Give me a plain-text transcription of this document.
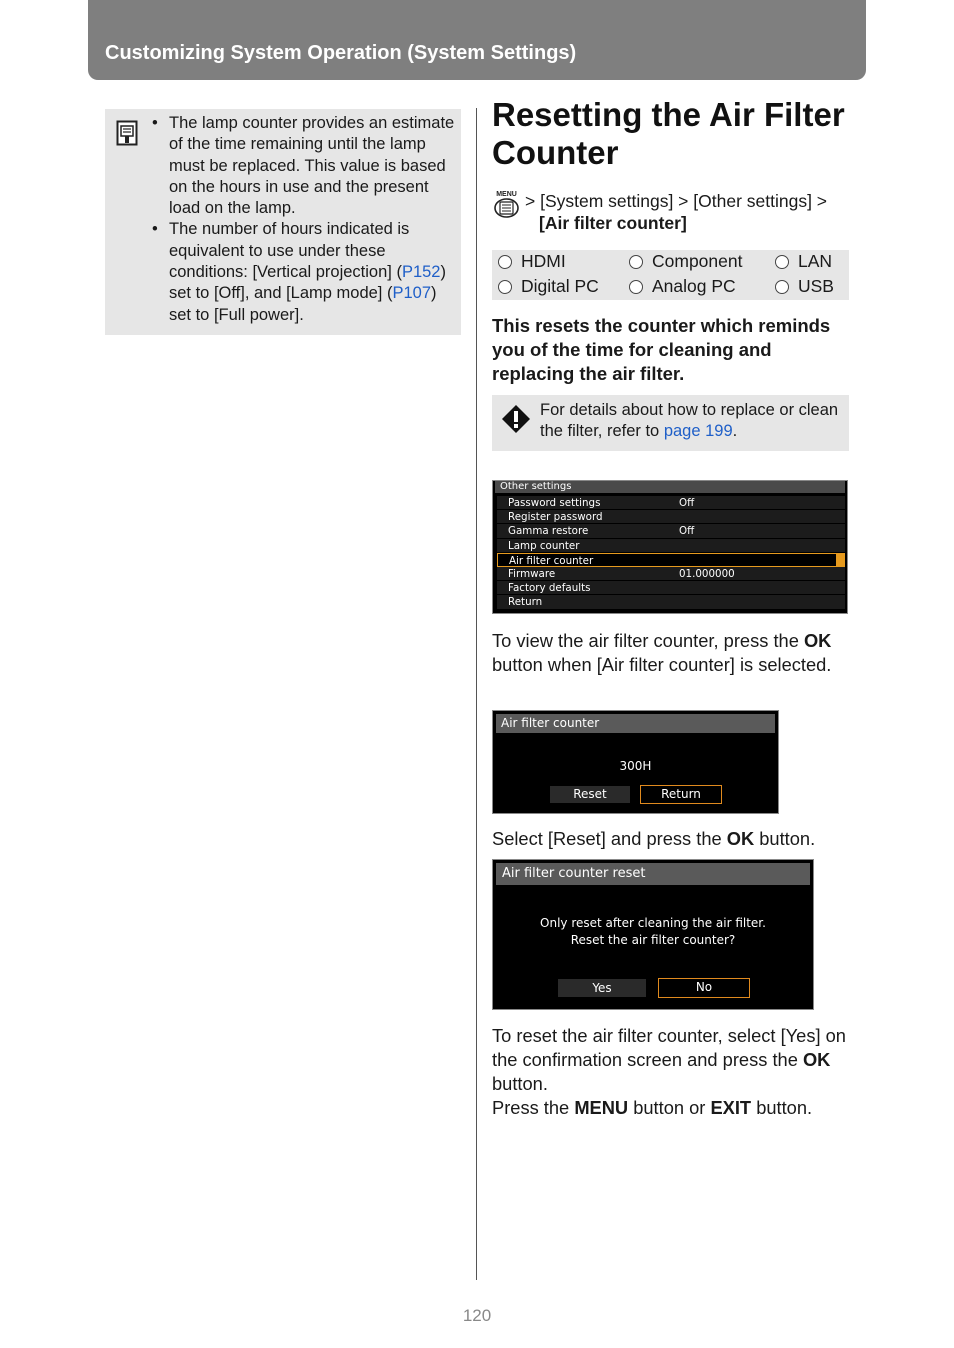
Customizing System Operation (System Settings)
• The lamp counter provides an estimate of the time remaining until the lamp must be replaced. This value is based on the hours in use and the present load on the lamp.
• The number of hours indicated is equivalent to use under these conditions: [Vertical projection] (P152) set to [Off], and [Lamp mode] (P107) set to [Full power].
Resetting the Air Filter Counter
MENU > [System settings] > [Other settings] >
[Air filter counter]
HDMI	Component	LAN
Digital PC	Analog PC	USB

This resets the counter which reminds you of the time for cleaning and replacing the air filter.

For details about how to replace or clean the filter, refer to page 199.
Other settings
Password settings	Off
Register password
Gamma restore	Off
Lamp counter
Air filter counter
Firmware	01.000000
Factory defaults
Return
To view the air filter counter, press the OK button when [Air filter counter] is selected.
Air filter counter
300H
Reset	Return
Select [Reset] and press the OK button.
Air filter counter reset
Only reset after cleaning the air filter.
Reset the air filter counter?
Yes	No
To reset the air filter counter, select [Yes] on the confirmation screen and press the OK button.
Press the MENU button or EXIT button.
120
